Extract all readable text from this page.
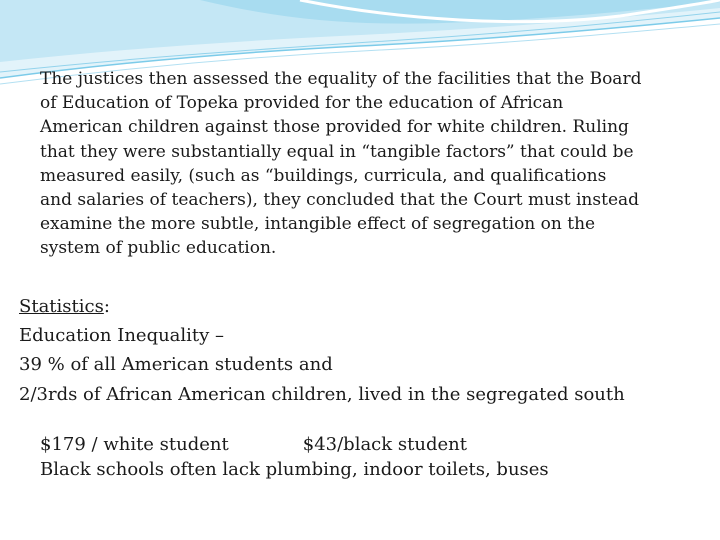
The justices then assessed the equality of the facilities that the Board
of Education of Topeka provided for the education of African
American children against those provided for white children. Ruling
that they were substantially equal in “tangible factors” that could be
measured easily, (such as “buildings, curricula, and qualifications
and salaries of teachers), they concluded that the Court must instead
examine the more subtle, intangible effect of segregation on the
system of public education.
Statistics:
Education Inequality –
39 % of all American students and
2/3rds of African American children, lived in the segregated south
$179 / white student	$43/black student
Black schools often lack plumbing, indoor toilets, buses
